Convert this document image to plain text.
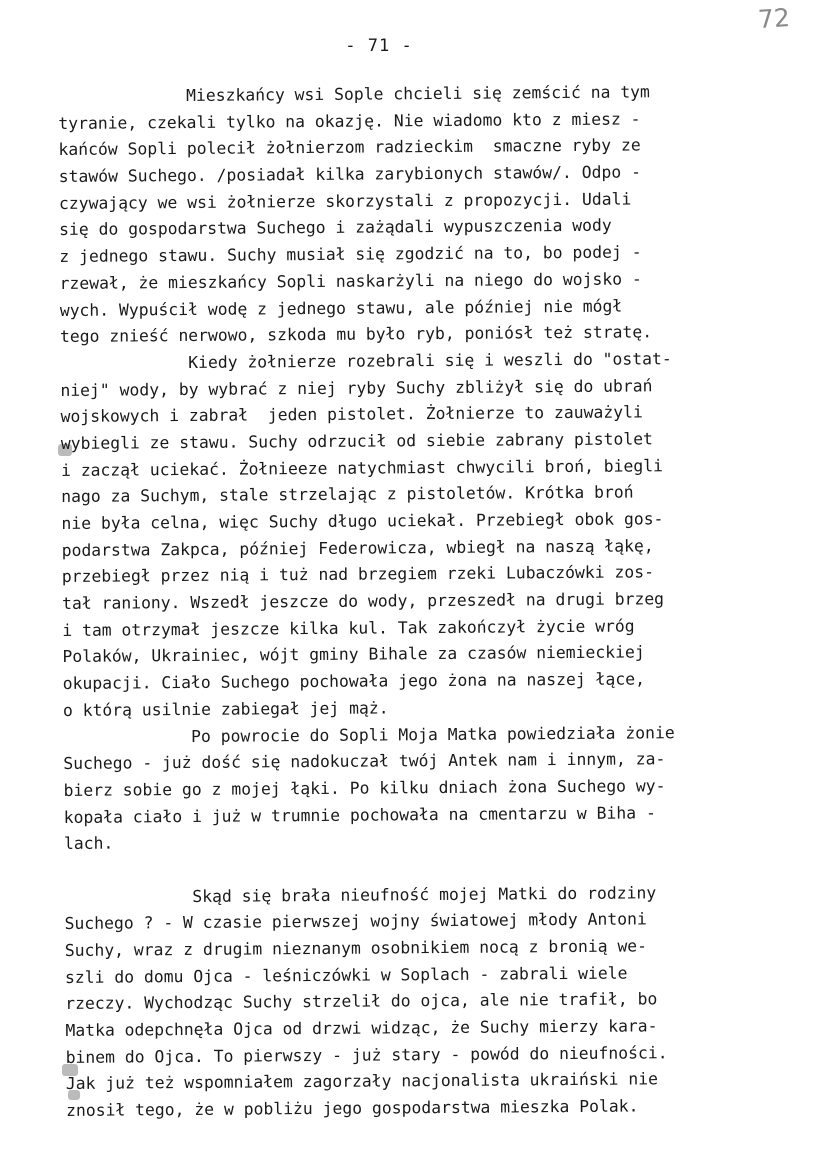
72
- 71 -
Mieszkańcy wsi Sople chcieli się zemścić na tym
tyranie, czekali tylko na okazję. Nie wiadomo kto z miesz -
kańców Sopli polecił żołnierzom radzieckim  smaczne ryby ze
stawów Suchego. /posiadał kilka zarybionych stawów/. Odpo -
czywający we wsi żołnierze skorzystali z propozycji. Udali
się do gospodarstwa Suchego i zażądali wypuszczenia wody
z jednego stawu. Suchy musiał się zgodzić na to, bo podej -
rzewał, że mieszkańcy Sopli naskarżyli na niego do wojsko -
wych. Wypuścił wodę z jednego stawu, ale później nie mógł
tego znieść nerwowo, szkoda mu było ryb, poniósł też stratę.
Kiedy żołnierze rozebrali się i weszli do "ostat-
niej" wody, by wybrać z niej ryby Suchy zbliżył się do ubrań
wojskowych i zabrał  jeden pistolet. Żołnierze to zauważyli
wybiegli ze stawu. Suchy odrzucił od siebie zabrany pistolet
i zaczął uciekać. Żołnieeze natychmiast chwycili broń, biegli
nago za Suchym, stale strzelając z pistoletów. Krótka broń
nie była celna, więc Suchy długo uciekał. Przebiegł obok gos-
podarstwa Zakpca, później Federowicza, wbiegł na naszą łąkę,
przebiegł przez nią i tuż nad brzegiem rzeki Lubaczówki zos-
tał raniony. Wszedł jeszcze do wody, przeszedł na drugi brzeg
i tam otrzymał jeszcze kilka kul. Tak zakończył życie wróg
Polaków, Ukrainiec, wójt gminy Bihale za czasów niemieckiej
okupacji. Ciało Suchego pochowała jego żona na naszej łące,
o którą usilnie zabiegał jej mąż.
Po powrocie do Sopli Moja Matka powiedziała żonie
Suchego - już dość się nadokuczał twój Antek nam i innym, za-
bierz sobie go z mojej łąki. Po kilku dniach żona Suchego wy-
kopała ciało i już w trumnie pochowała na cmentarzu w Biha -
lach.
Skąd się brała nieufność mojej Matki do rodziny
Suchego ? - W czasie pierwszej wojny światowej młody Antoni
Suchy, wraz z drugim nieznanym osobnikiem nocą z bronią we-
szli do domu Ojca - leśniczówki w Soplach - zabrali wiele
rzeczy. Wychodząc Suchy strzelił do ojca, ale nie trafił, bo
Matka odepchnęła Ojca od drzwi widząc, że Suchy mierzy kara-
binem do Ojca. To pierwszy - już stary - powód do nieufności.
Jak już też wspomniałem zagorzały nacjonalista ukraiński nie
znosił tego, że w pobliżu jego gospodarstwa mieszka Polak.
